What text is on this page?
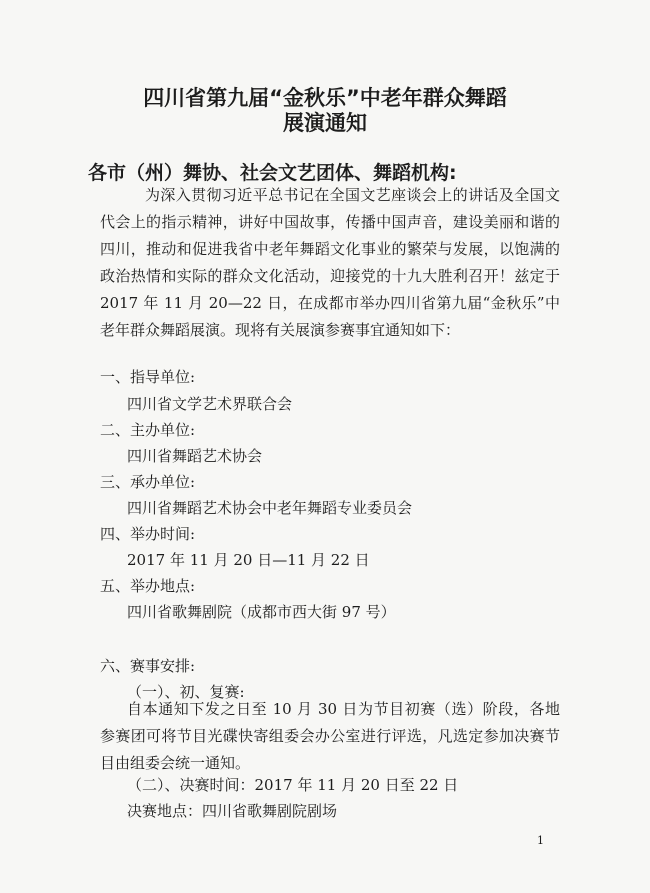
四川省第九届“金秋乐”中老年群众舞蹈
展演通知
各市（州）舞协、社会文艺团体、舞蹈机构:
为深入贯彻习近平总书记在全国文艺座谈会上的讲话及全国文
代会上的指示精神，讲好中国故事，传播中国声音，建设美丽和谐的
四川，推动和促进我省中老年舞蹈文化事业的繁荣与发展，以饱满的
政治热情和实际的群众文化活动，迎接党的十九大胜利召开！兹定于
2017 年 11 月 20—22 日，在成都市举办四川省第九届“金秋乐”中
老年群众舞蹈展演。现将有关展演参赛事宜通知如下：
一、指导单位:
四川省文学艺术界联合会
二、主办单位:
四川省舞蹈艺术协会
三、承办单位:
四川省舞蹈艺术协会中老年舞蹈专业委员会
四、举办时间:
2017 年 11 月 20 日—11 月 22 日
五、举办地点:
四川省歌舞剧院（成都市西大街 97 号）
六、赛事安排:
（一）、初、复赛:
自本通知下发之日至 10 月 30 日为节目初赛（选）阶段，各地
参赛团可将节目光碟快寄组委会办公室进行评选，凡选定参加决赛节
目由组委会统一通知。
（二）、决赛时间：2017 年 11 月 20 日至 22 日
决赛地点：四川省歌舞剧院剧场
1
